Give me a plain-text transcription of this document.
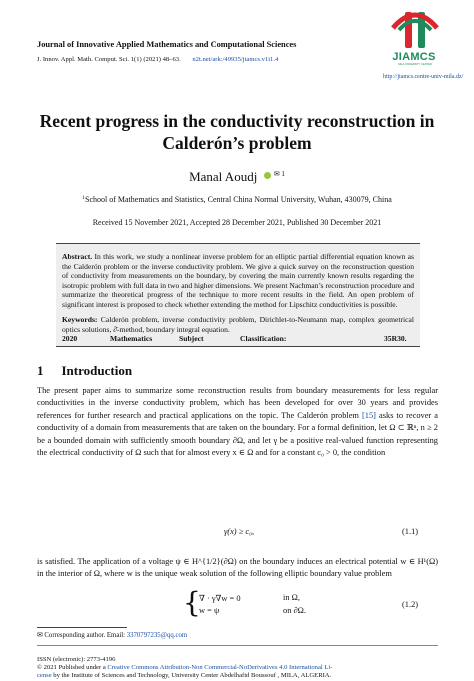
Journal of Innovative Applied Mathematics and Computational Sciences
J. Innov. Appl. Math. Comput. Sci. 1(1) (2021) 48–63. n2t.net/ark:/49935/jiamcs.v1i1.4	JIAMCS
MILA UNIVERSITY CENTER
http://jiamcs.centre-univ-mila.dz/
Recent progress in the conductivity reconstruction in
Calderón’s problem
Manal Aoudj $^{✉ 1}$
$^1$School of Mathematics and Statistics, Central China Normal University, Wuhan, 430079, China
Received 15 November 2021, Accepted 28 December 2021, Published 30 December 2021
Abstract. In this work, we study a nonlinear inverse problem for an elliptic partial differential equation known as the Calderón problem or the inverse conductivity problem. We give a quick survey on the reconstruction question of conductivity from measurements on the boundary, by covering the main currently known results regarding the isotropic problem with full data in two and higher dimensions. We present Nachman’s reconstruction procedure and summarize the theoretical progress of the technique to more recent results in the field. An open problem of significant interest is proposed to check whether extending the method for Lipschitz conductivities is possible.
Keywords: Calderón problem, inverse conductivity problem, Dirichlet-to-Neumann map, complex geometrical optics solutions, ∂̄-method, boundary integral equation.
2020	Mathematics	Subject	Classification:	35R30.
1 Introduction
The present paper aims to summarize some reconstruction results from boundary measurements for less regular conductivities in the inverse conductivity problem, which has been developed for over 30 years and provides references for further research and practical applications on the topic. The Calderón problem [15] asks to recover a conductivity of a domain from measurements that are taken on the boundary. For a formal definition, let Ω ⊂ ℝⁿ, n ≥ 2 be a bounded domain with sufficiently smooth boundary ∂Ω, and let γ be a positive real-valued function representing the electrical conductivity of Ω such that for almost every x ∈ Ω and for a constant c₀ > 0, the condition
γ(x) ≥ c₀,	(1.1)
is satisfied. The application of a voltage ψ ∈ H^{1/2}(∂Ω) on the boundary induces an electrical potential w ∈ H¹(Ω) in the interior of Ω, where w is the unique weak solution of the following elliptic boundary value problem
{
∇ · γ∇w = 0	in Ω,
w = ψ	on ∂Ω.
(1.2)
✉ Corresponding author. Email: 3370797235@qq.com
ISSN (electronic): 2773-4196
© 2021 Published under a Creative Commons Attribution-Non Commercial-NoDerivatives 4.0 International Li-
cense by the Institute of Sciences and Technology, University Center Abdelhafid Boussouf , MILA, ALGERIA.
